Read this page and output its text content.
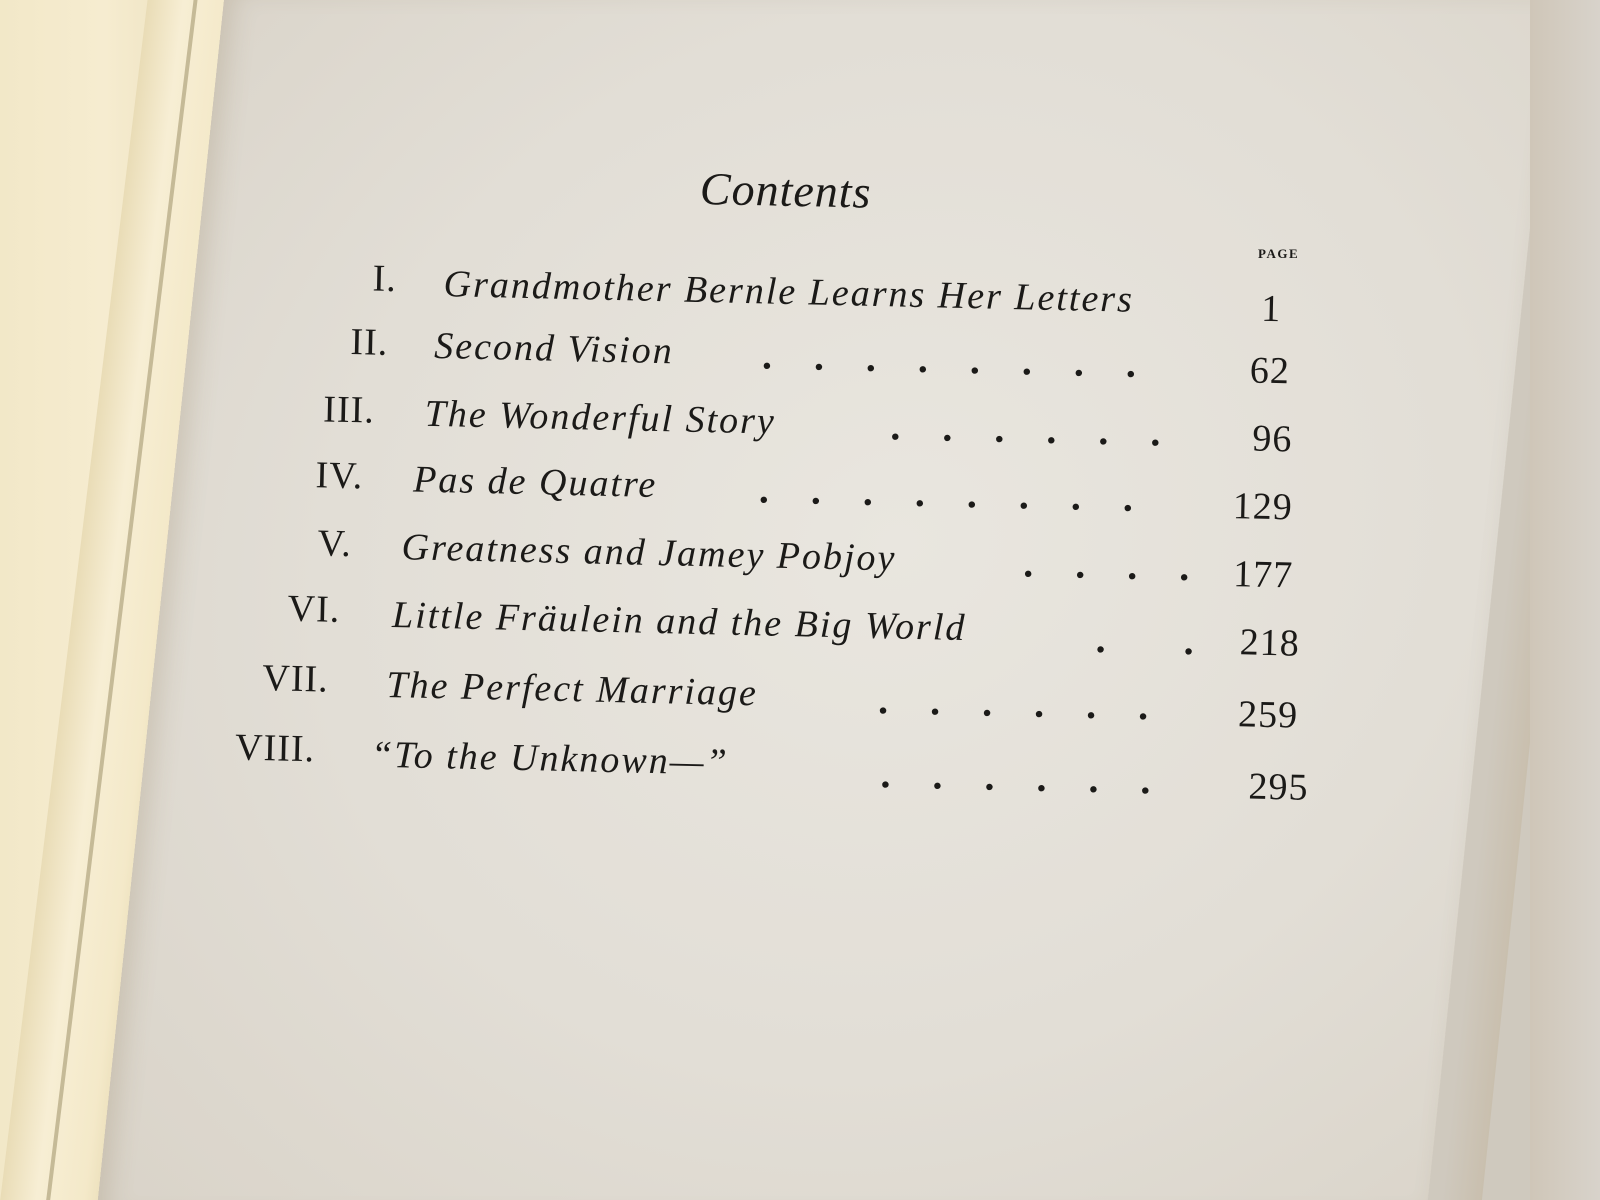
Contents
PAGE
I. Grandmother Bernle Learns Her Letters	1
II. Second Vision . . . . . . . .	62
III. The Wonderful Story	. . . . . . 96
IV. Pas de Quatre	. . . . . . . . 129
V. Greatness and Jamey Pobjoy	. . . . 177
VI. Little Fräulein and the Big World	. . 218
VII. The Perfect Marriage	. . . . . . 259
VIII. “To the Unknown—”	. . . . . . 295
